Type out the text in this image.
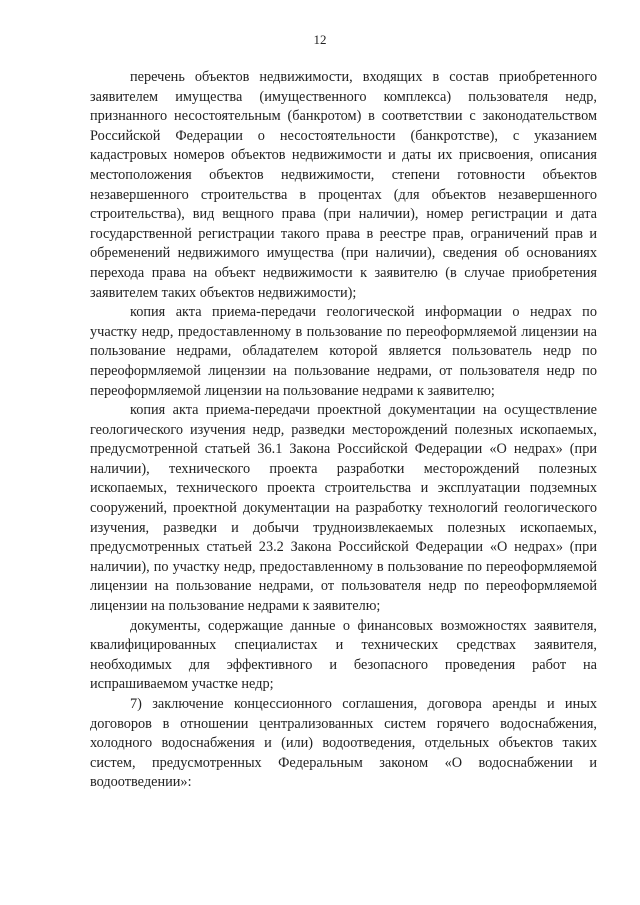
12

перечень объектов недвижимости, входящих в состав приобретенного заявителем имущества (имущественного комплекса) пользователя недр, признанного несостоятельным (банкротом) в соответствии с законодательством Российской Федерации о несостоятельности (банкротстве), с указанием кадастровых номеров объектов недвижимости и даты их присвоения, описания местоположения объектов недвижимости, степени готовности объектов незавершенного строительства в процентах (для объектов незавершенного строительства), вид вещного права (при наличии), номер регистрации и дата государственной регистрации такого права в реестре прав, ограничений прав и обременений недвижимого имущества (при наличии), сведения об основаниях перехода права на объект недвижимости к заявителю (в случае приобретения заявителем таких объектов недвижимости);

копия акта приема-передачи геологической информации о недрах по участку недр, предоставленному в пользование по переоформляемой лицензии на пользование недрами, обладателем которой является пользователь недр по переоформляемой лицензии на пользование недрами, от пользователя недр по переоформляемой лицензии на пользование недрами к заявителю;

копия акта приема-передачи проектной документации на осуществление геологического изучения недр, разведки месторождений полезных ископаемых, предусмотренной статьей 36.1 Закона Российской Федерации «О недрах» (при наличии), технического проекта разработки месторождений полезных ископаемых, технического проекта строительства и эксплуатации подземных сооружений, проектной документации на разработку технологий геологического изучения, разведки и добычи трудноизвлекаемых полезных ископаемых, предусмотренных статьей 23.2 Закона Российской Федерации «О недрах» (при наличии), по участку недр, предоставленному в пользование по переоформляемой лицензии на пользование недрами, от пользователя недр по переоформляемой лицензии на пользование недрами к заявителю;

документы, содержащие данные о финансовых возможностях заявителя, квалифицированных специалистах и технических средствах заявителя, необходимых для эффективного и безопасного проведения работ на испрашиваемом участке недр;

7) заключение концессионного соглашения, договора аренды и иных договоров в отношении централизованных систем горячего водоснабжения, холодного водоснабжения и (или) водоотведения, отдельных объектов таких систем, предусмотренных Федеральным законом «О водоснабжении и водоотведении»:
